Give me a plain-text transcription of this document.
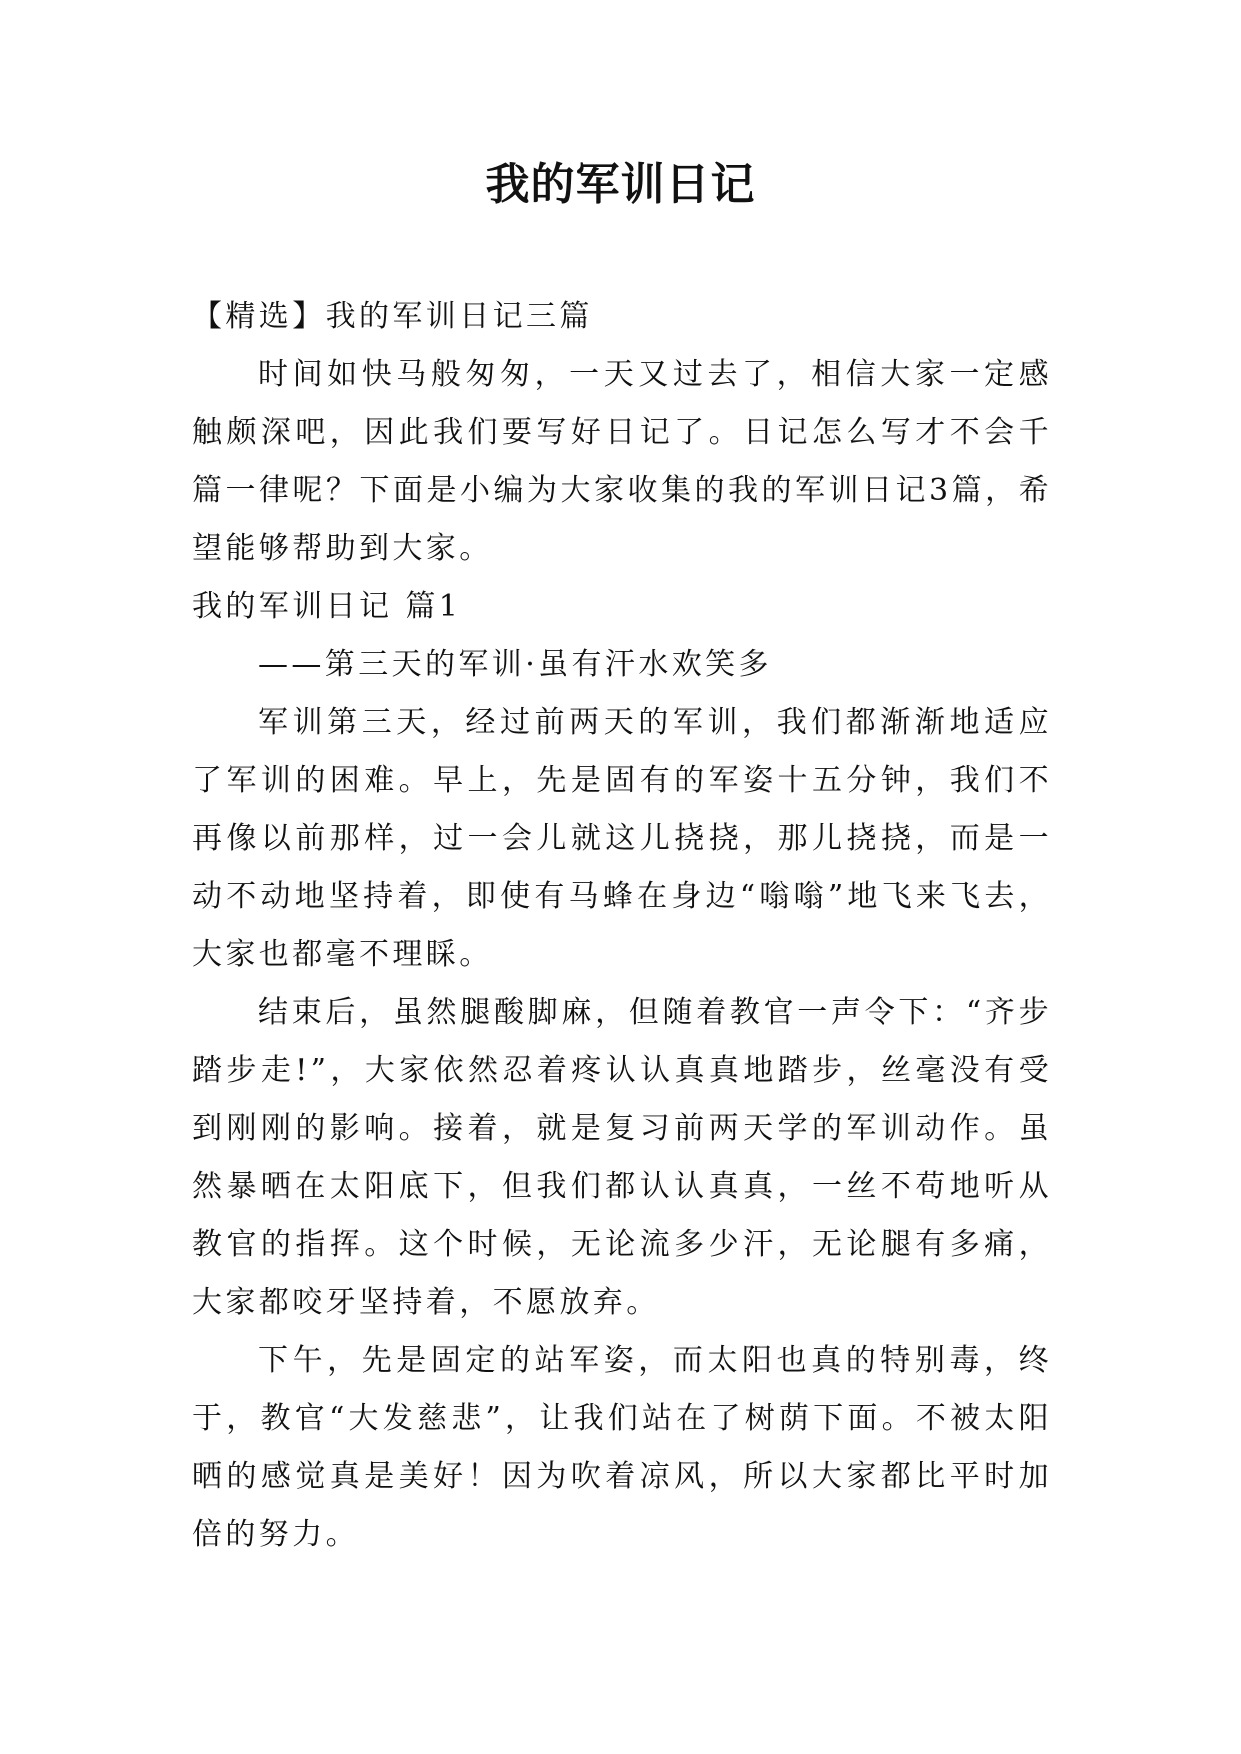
我的军训日记

【精选】我的军训日记三篇

时间如快马般匆匆，一天又过去了，相信大家一定感触颇深吧，因此我们要写好日记了。日记怎么写才不会千篇一律呢？下面是小编为大家收集的我的军训日记3篇，希望能够帮助到大家。

我的军训日记 篇1

——第三天的军训·虽有汗水欢笑多

军训第三天，经过前两天的军训，我们都渐渐地适应了军训的困难。早上，先是固有的军姿十五分钟，我们不再像以前那样，过一会儿就这儿挠挠，那儿挠挠，而是一动不动地坚持着，即使有马蜂在身边“嗡嗡”地飞来飞去，大家也都毫不理睬。

结束后，虽然腿酸脚麻，但随着教官一声令下：“齐步踏步走!”，大家依然忍着疼认认真真地踏步，丝毫没有受到刚刚的影响。接着，就是复习前两天学的军训动作。虽然暴晒在太阳底下，但我们都认认真真，一丝不苟地听从教官的指挥。这个时候，无论流多少汗，无论腿有多痛，大家都咬牙坚持着，不愿放弃。

下午，先是固定的站军姿，而太阳也真的特别毒，终于，教官“大发慈悲”，让我们站在了树荫下面。不被太阳晒的感觉真是美好！因为吹着凉风，所以大家都比平时加倍的努力。
